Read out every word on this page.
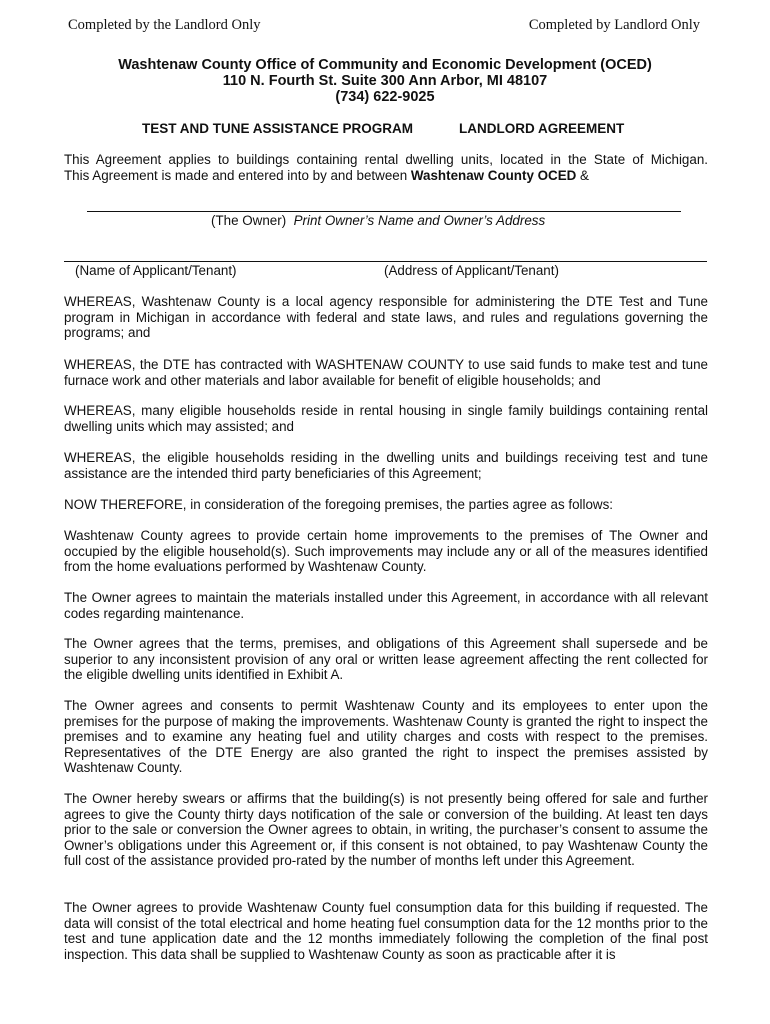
Completed by the Landlord Only	Completed by Landlord Only
Washtenaw County Office of Community and Economic Development (OCED)
110 N. Fourth St. Suite 300 Ann Arbor, MI 48107
(734) 622-9025
TEST AND TUNE ASSISTANCE PROGRAM	LANDLORD AGREEMENT
This Agreement applies to buildings containing rental dwelling units, located in the State of Michigan.
This Agreement is made and entered into by and between Washtenaw County OCED &
(The Owner) Print Owner’s Name and Owner’s Address
(Name of Applicant/Tenant)	(Address of Applicant/Tenant)

WHEREAS, Washtenaw County is a local agency responsible for administering the DTE Test and Tune program in Michigan in accordance with federal and state laws, and rules and regulations governing the programs; and

WHEREAS, the DTE has contracted with WASHTENAW COUNTY to use said funds to make test and tune furnace work and other materials and labor available for benefit of eligible households; and

WHEREAS, many eligible households reside in rental housing in single family buildings containing rental dwelling units which may assisted; and

WHEREAS, the eligible households residing in the dwelling units and buildings receiving test and tune assistance are the intended third party beneficiaries of this Agreement;

NOW THEREFORE, in consideration of the foregoing premises, the parties agree as follows:

Washtenaw County agrees to provide certain home improvements to the premises of The Owner and occupied by the eligible household(s). Such improvements may include any or all of the measures identified from the home evaluations performed by Washtenaw County.

The Owner agrees to maintain the materials installed under this Agreement, in accordance with all relevant codes regarding maintenance.

The Owner agrees that the terms, premises, and obligations of this Agreement shall supersede and be superior to any inconsistent provision of any oral or written lease agreement affecting the rent collected for the eligible dwelling units identified in Exhibit A.

The Owner agrees and consents to permit Washtenaw County and its employees to enter upon the premises for the purpose of making the improvements. Washtenaw County is granted the right to inspect the premises and to examine any heating fuel and utility charges and costs with respect to the premises. Representatives of the DTE Energy are also granted the right to inspect the premises assisted by Washtenaw County.

The Owner hereby swears or affirms that the building(s) is not presently being offered for sale and further agrees to give the County thirty days notification of the sale or conversion of the building. At least ten days prior to the sale or conversion the Owner agrees to obtain, in writing, the purchaser’s consent to assume the Owner’s obligations under this Agreement or, if this consent is not obtained, to pay Washtenaw County the full cost of the assistance provided pro-rated by the number of months left under this Agreement.

The Owner agrees to provide Washtenaw County fuel consumption data for this building if requested. The data will consist of the total electrical and home heating fuel consumption data for the 12 months prior to the test and tune application date and the 12 months immediately following the completion of the final post inspection. This data shall be supplied to Washtenaw County as soon as practicable after it is
